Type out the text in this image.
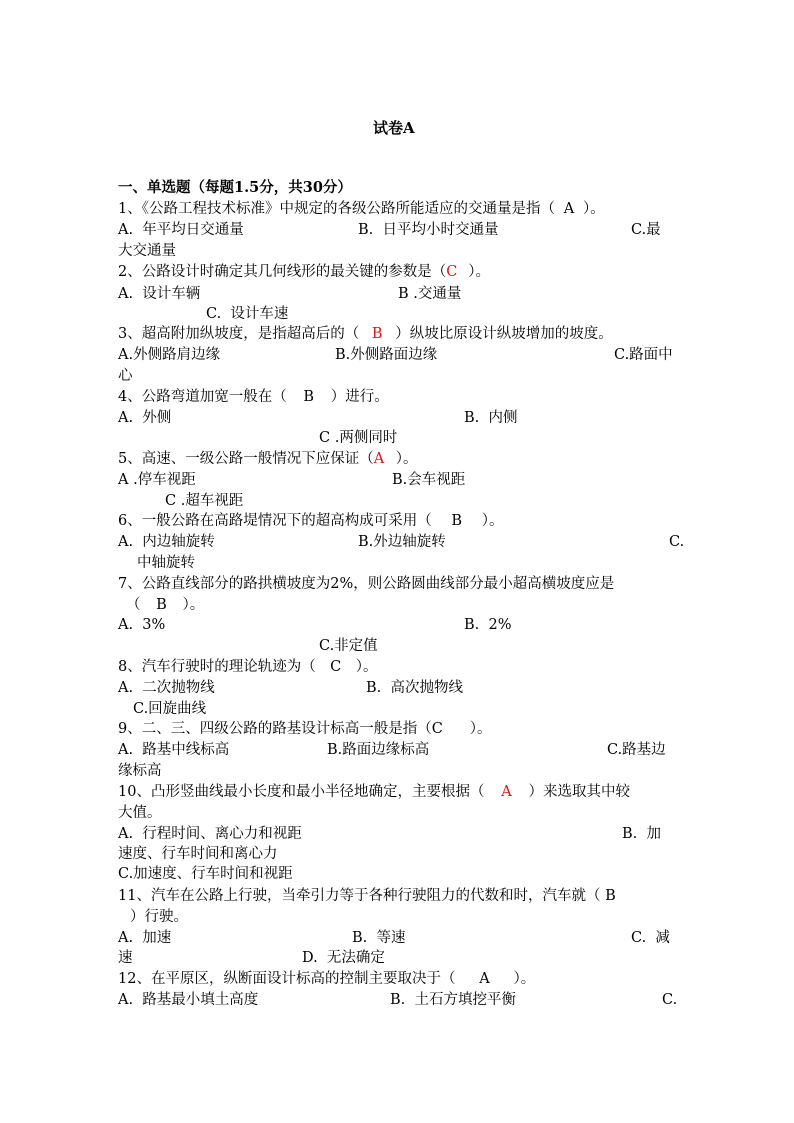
试卷A
一、单选题（每题1.5分，共30分）
1、《公路工程技术标准》中规定的各级公路所能适应的交通量是指（ A ）。
A.  年平均日交通量	B.  日平均小时交通量	C.最
大交通量
2、公路设计时确定其几何线形的最关键的参数是（C ）。
A.  设计车辆	B .交通量
C.  设计车速
3、超高附加纵坡度，是指超高后的（ B ）纵坡比原设计纵坡增加的坡度。
A.外侧路肩边缘	B.外侧路面边缘	C.路面中
心
4、公路弯道加宽一般在（ B ）进行。
A.  外侧	B.  内侧
C .两侧同时
5、高速、一级公路一般情况下应保证（A ）。
A .停车视距	B.会车视距
C .超车视距
6、一般公路在高路堤情况下的超高构成可采用（ B ）。
A.  内边轴旋转	B.外边轴旋转	C.
中轴旋转
7、公路直线部分的路拱横坡度为2%，则公路圆曲线部分最小超高横坡度应是
（ B ）。
A.  3%	B.  2%
C.非定值
8、汽车行驶时的理论轨迹为（ C ）。
A.  二次抛物线	B.  高次抛物线
C.回旋曲线
9、二、三、四级公路的路基设计标高一般是指（C ）。
A.  路基中线标高	B.路面边缘标高	C.路基边
缘标高
10、凸形竖曲线最小长度和最小半径地确定，主要根据（ A ）来选取其中较
大值。
A.  行程时间、离心力和视距	B.  加
速度、行车时间和离心力
C.加速度、行车时间和视距
11、汽车在公路上行驶，当牵引力等于各种行驶阻力的代数和时，汽车就（ B
）行驶。
A.  加速	B.  等速	C.  减
速	D.  无法确定
12、在平原区，纵断面设计标高的控制主要取决于（ A ）。
A.  路基最小填土高度	B.  土石方填挖平衡	C.
